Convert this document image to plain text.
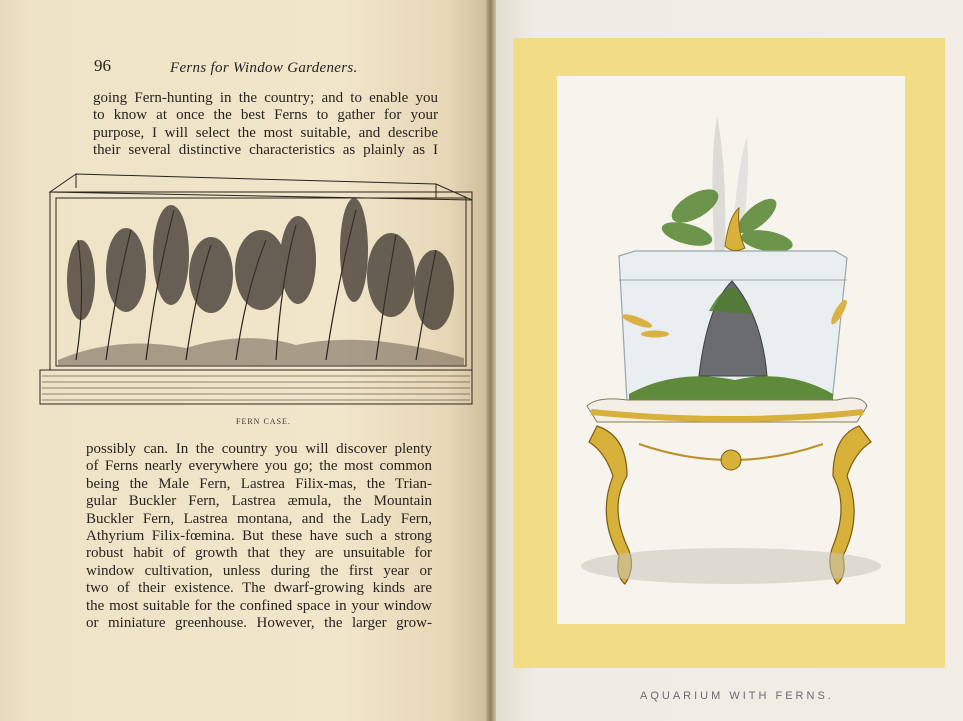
96	Ferns for Window Gardeners.
going Fern-hunting in the country; and to enable you
to know at once the best Ferns to gather for your
purpose, I will select the most suitable, and describe
their several distinctive characteristics as plainly as I
FERN CASE.
possibly can. In the country you will discover plenty
of Ferns nearly everywhere you go; the most common
being the Male Fern, Lastrea Filix-mas, the Trian-
gular Buckler Fern, Lastrea æmula, the Mountain
Buckler Fern, Lastrea montana, and the Lady Fern,
Athyrium Filix-fœmina. But these have such a strong
robust habit of growth that they are unsuitable for
window cultivation, unless during the first year or
two of their existence. The dwarf-growing kinds are
the most suitable for the confined space in your window
or miniature greenhouse. However, the larger grow-
AQUARIUM WITH FERNS.
